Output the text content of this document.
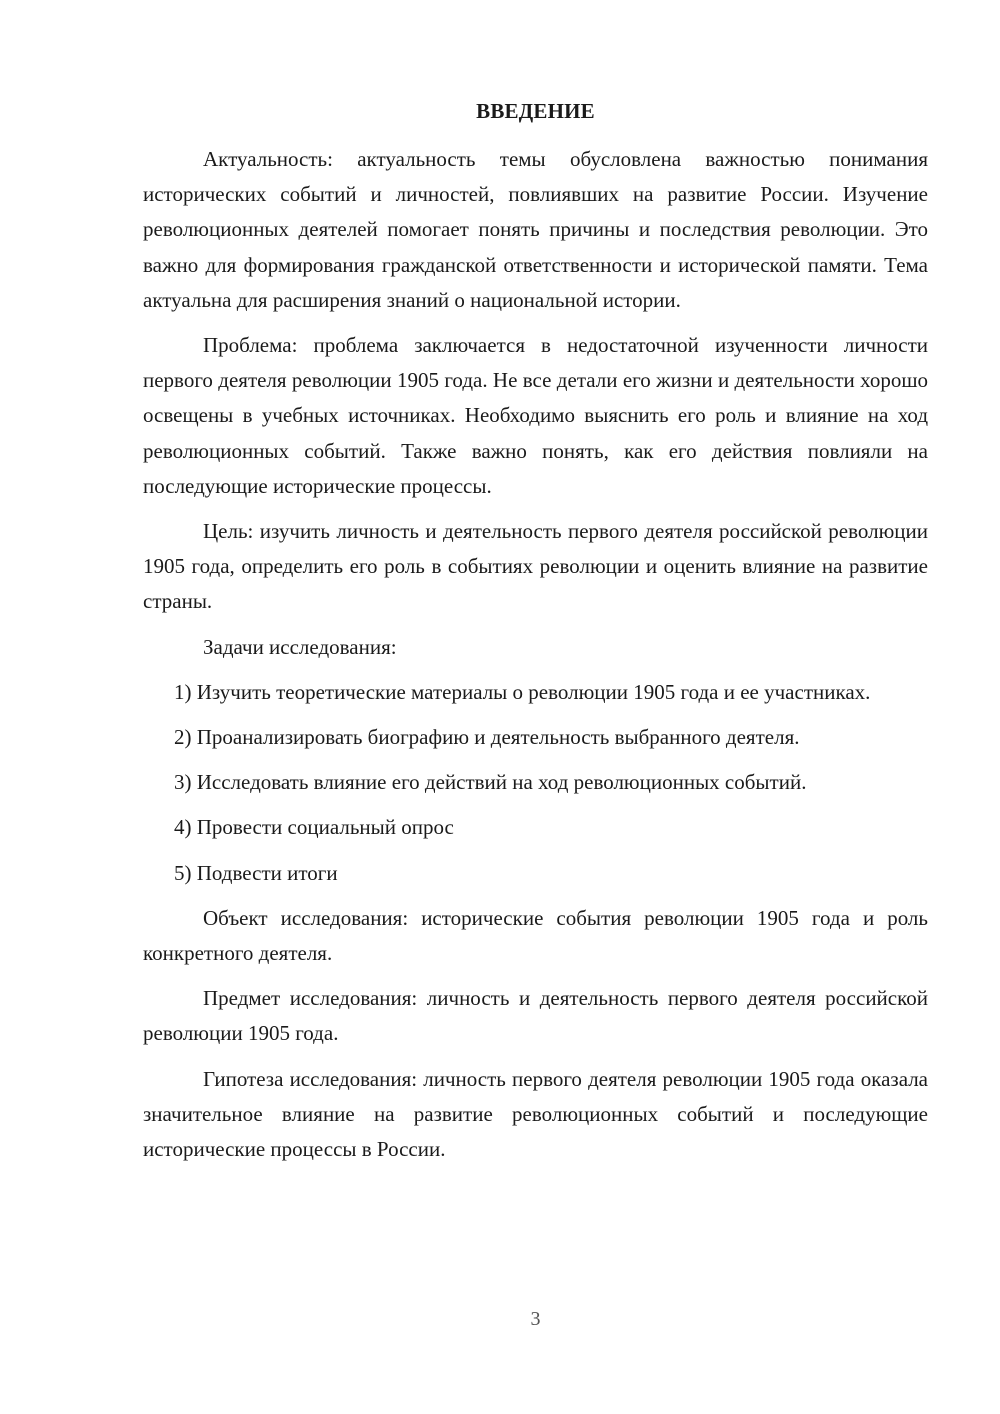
ВВЕДЕНИЕ

Актуальность: актуальность темы обусловлена важностью понимания исторических событий и личностей, повлиявших на развитие России. Изучение революционных деятелей помогает понять причины и последствия революции. Это важно для формирования гражданской ответственности и исторической памяти. Тема актуальна для расширения знаний о национальной истории.

Проблема: проблема заключается в недостаточной изученности личности первого деятеля революции 1905 года. Не все детали его жизни и деятельности хорошо освещены в учебных источниках. Необходимо выяснить его роль и влияние на ход революционных событий. Также важно понять, как его действия повлияли на последующие исторические процессы.

Цель: изучить личность и деятельность первого деятеля российской революции 1905 года, определить его роль в событиях революции и оценить влияние на развитие страны.

Задачи исследования:

1) Изучить теоретические материалы о революции 1905 года и ее участниках.

2) Проанализировать биографию и деятельность выбранного деятеля.

3) Исследовать влияние его действий на ход революционных событий.

4) Провести социальный опрос

5) Подвести итоги

Объект исследования: исторические события революции 1905 года и роль конкретного деятеля.

Предмет исследования: личность и деятельность первого деятеля российской революции 1905 года.

Гипотеза исследования: личность первого деятеля революции 1905 года оказала значительное влияние на развитие революционных событий и последующие исторические процессы в России.

3
